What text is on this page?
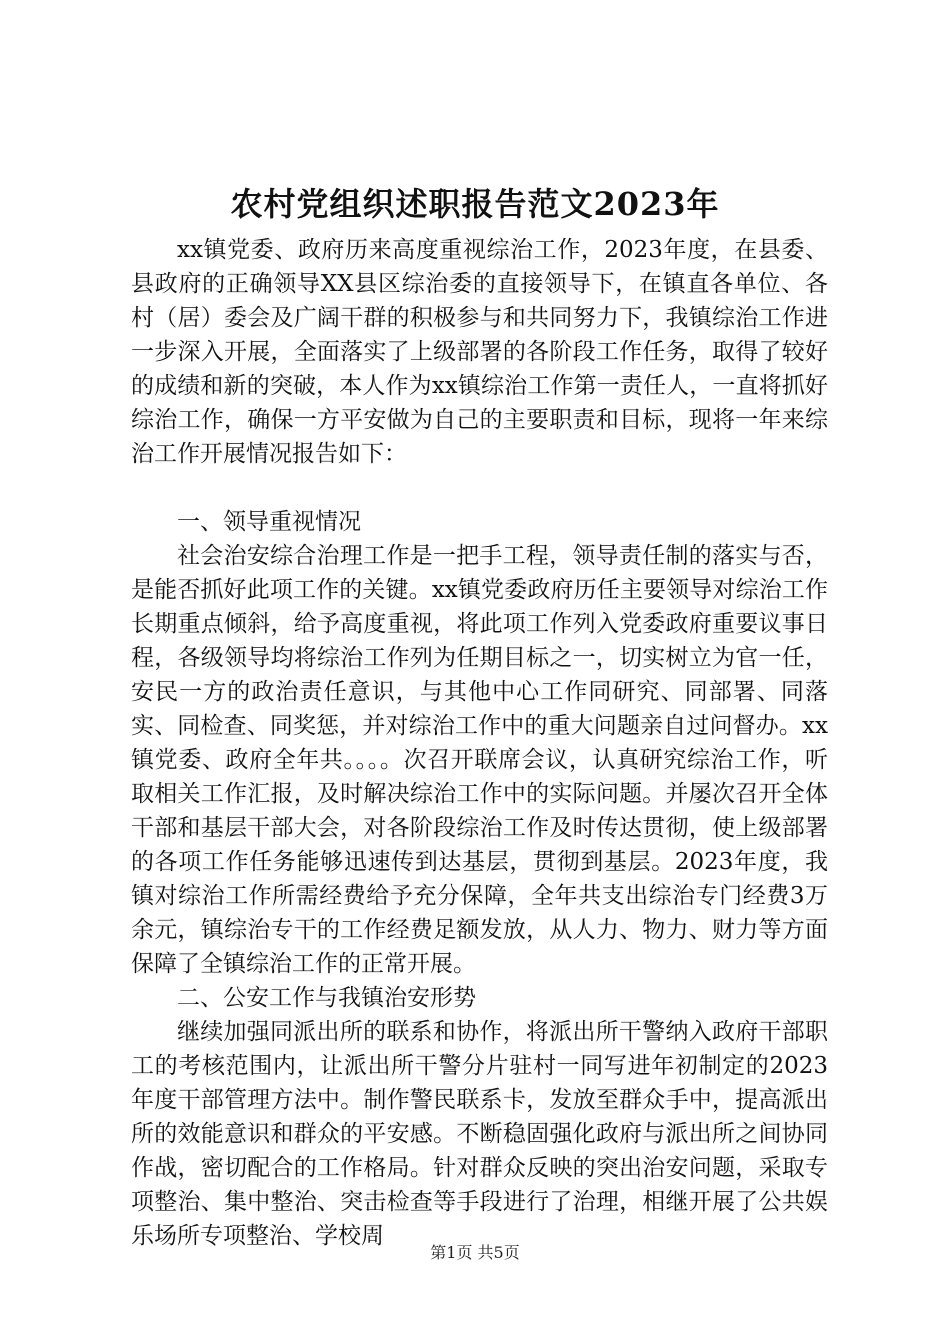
农村党组织述职报告范文2023年

xx镇党委、政府历来高度重视综治工作，2023年度，在县委、县政府的正确领导XX县区综治委的直接领导下，在镇直各单位、各村（居）委会及广阔干群的积极参与和共同努力下，我镇综治工作进一步深入开展，全面落实了上级部署的各阶段工作任务，取得了较好的成绩和新的突破，本人作为xx镇综治工作第一责任人，一直将抓好综治工作，确保一方平安做为自己的主要职责和目标，现将一年来综治工作开展情况报告如下：

一、领导重视情况

社会治安综合治理工作是一把手工程，领导责任制的落实与否，是能否抓好此项工作的关键。xx镇党委政府历任主要领导对综治工作长期重点倾斜，给予高度重视，将此项工作列入党委政府重要议事日程，各级领导均将综治工作列为任期目标之一，切实树立为官一任，安民一方的政治责任意识，与其他中心工作同研究、同部署、同落实、同检查、同奖惩，并对综治工作中的重大问题亲自过问督办。xx镇党委、政府全年共。。。。次召开联席会议，认真研究综治工作，听取相关工作汇报，及时解决综治工作中的实际问题。并屡次召开全体干部和基层干部大会，对各阶段综治工作及时传达贯彻，使上级部署的各项工作任务能够迅速传到达基层，贯彻到基层。2023年度，我镇对综治工作所需经费给予充分保障，全年共支出综治专门经费3万余元，镇综治专干的工作经费足额发放，从人力、物力、财力等方面保障了全镇综治工作的正常开展。

二、公安工作与我镇治安形势

继续加强同派出所的联系和协作，将派出所干警纳入政府干部职工的考核范围内，让派出所干警分片驻村一同写进年初制定的2023年度干部管理方法中。制作警民联系卡，发放至群众手中，提高派出所的效能意识和群众的平安感。不断稳固强化政府与派出所之间协同作战，密切配合的工作格局。针对群众反映的突出治安问题，采取专项整治、集中整治、突击检查等手段进行了治理，相继开展了公共娱乐场所专项整治、学校周

第1页 共5页
